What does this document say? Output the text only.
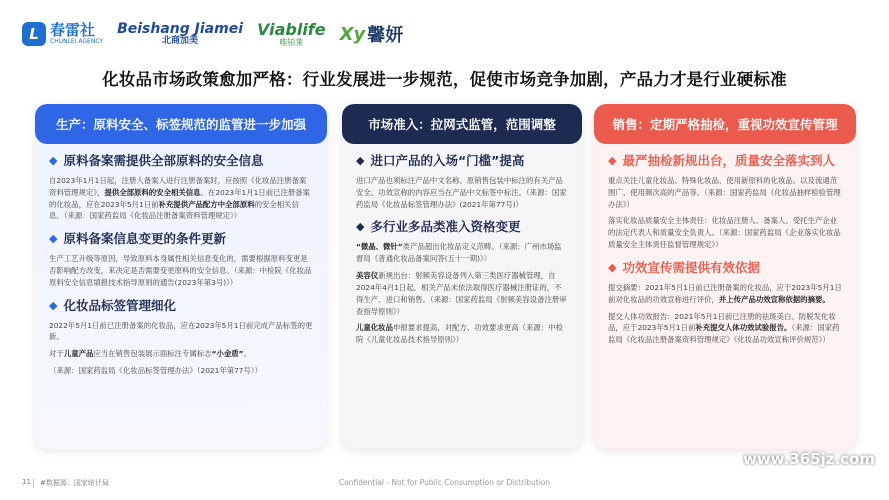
L 春雷社
CHUNLEI AGENCY
Beishang Jiamei
北商加美
Viablife
唯铂莱	Xy 馨妍
化妆品市场政策愈加严格：行业发展进一步规范，促使市场竞争加剧，产品力才是行业硬标准
生产：原料安全、标签规范的监管进一步加强
◆ 原料备案需提供全部原料的安全信息

自2023年1月1日起，注册人备案人进行注册备案时，应按照《化妆品注册备案资料管理规定》，提供全部原料的安全相关信息。在2023年1月1日前已注册备案的化妆品，应在2023年5月1日前补充提供产品配方中全部原料的安全相关信息。（来源：国家药监局《化妆品注册备案资料管理规定》）

◆ 原料备案信息变更的条件更新

生产工艺升级等原因，导致原料本身属性相关信息变化的，需要根据原料变更是否影响配方改变，来决定是否需要变更原料的安全信息。（来源：中检院《化妆品原料安全信息填报技术指导原则的通告(2023年第3号)》）

◆ 化妆品标签管理细化

2022年5月1日前已注册备案的化妆品，应在2023年5月1日前完成产品标签的更新。

对于儿童产品应当在销售包装展示面标注专属标志“小金盾”。

（来源：国家药监局《化妆品标签管理办法》（2021年第77号））

市场准入：拉网式监管，范围调整
◆ 进口产品的入场“门槛”提高

进口产品也须标注产品中文名称。原销售包装中标注的有关产品安全、功效宣称的内容应当在产品中文标签中标注。（来源：国家药监局《化妆品标签管理办法》(2021年第77号)）

◆ 多行业多品类准入资格变更

“微晶、微针”类产品超出化妆品定义范畴。（来源：广州市场监督局《普通化妆品备案问答(五十一期)》）

美容仪新规出台：射频美容设备列入第三类医疗器械管理，自2024年4月1日起，相关产品未依法取得医疗器械注册证的，不得生产、进口和销售。（来源：国家药监局《射频美容设备注册审查指导原则》）

儿童化妆品申报要求提高，对配方、功效要求更高（来源：中检院《儿童化妆品技术指导原则》）

销售：定期严格抽检，重视功效宣传管理
◆ 最严抽检新规出台，质量安全落实到人

重点关注儿童化妆品、特殊化妆品、使用新原料的化妆品、以及流通范围广、使用频次高的产品等。（来源：国家药监局《化妆品抽样检验管理办法》）

落实化妆品质量安全主体责任：化妆品注册人、备案人、受托生产企业的法定代表人和质量安全负责人。（来源：国家药监局《企业落实化妆品质量安全主体责任监督管理规定》）

◆ 功效宣传需提供有效依据

提交摘要：2021年5月1日前已注册备案的化妆品，应于2023年5月1日前对化妆品的功效宣称进行评价，并上传产品功效宣称依据的摘要。

提交人体功效报告：2021年5月1日前已注册的祛斑美白、防脱发化妆品，应于2023年5月1日前补充提交人体功效试验报告。（来源：国家药监局《化妆品注册备案资料管理规定》《化妆品功效宣称评价规范》）

11 #数据源：国家统计局	Confidential - Not for Public Consumption or Distribution
www.365jz.com
